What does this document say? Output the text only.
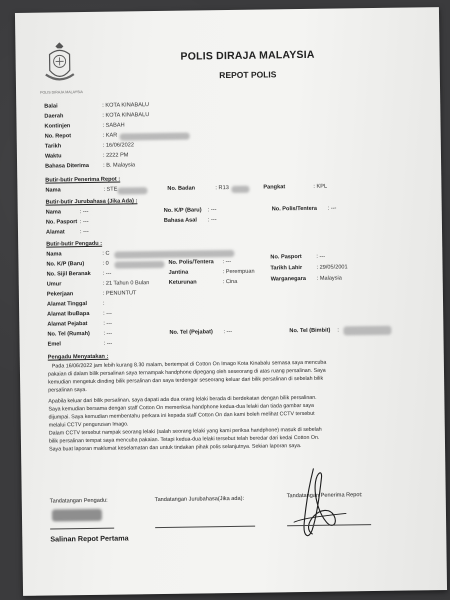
POLIS DIRAJA MALAYSIA
POLIS DIRAJA MALAYSIA
REPOT POLIS
Balai	: KOTA KINABALU
Daerah	: KOTA KINABALU
Kontinjen	: SABAH
No. Repot	: KAR
Tarikh	: 16/06/2022
Waktu	: 2222 PM
Bahasa Diterima	: B. Malaysia
Butir-butir Penerima Repot :
Nama	: STE	No. Badan	: R13	Pangkat	: KPL
Butir-butir Jurubahasa (Jika Ada) :
Nama	: ---	No. K/P (Baru) : ---	No. Polis/Tentera : ---
No. Pasport : ---	Bahasa Asal : ---
Alamat	: ---
Butir-butir Pengadu :
Nama	: C
No. K/P (Baru)	: 0	No. Polis/Tentera : ---
No. Pasport	: ---
No. Sijil Beranak : ---	Jantina	: Perempuan
Tarikh Lahir	: 29/05/2001
Umur	: 21 Tahun 0 Bulan	Keturunan	: Cina	Warganegara : Malaysia
Pekerjaan	: PENUNTUT
Alamat Tinggal	:
Alamat IbuBapa : ---
Alamat Pejabat	: ---
No. Tel (Rumah) : ---	No. Tel (Pejabat) : ---	No. Tel (Bimbit) :
Emel	: ---
Pengadu Menyatakan :
Pada 16/06/2022 jam lebih kurang 8.30 malam, bertempat di Cotton On Imago Kota Kinabalu semasa saya mencuba
pakaian di dalam bilik persalinan saya ternampak handphone dipegang oleh seseorang di atas ruang persalinan. Saya
kemudian mengetuk dinding bilik persalinan dan saya terdengar seseorang keluar dari bilik persalinan di sebelah bilik
persalinan saya.
Apabila keluar dari bilik persalinan, saya dapati ada dua orang lelaki berada di berdekatan dengan bilik persalinan.
Saya kemudian bersama dengan staff Cotton On memeriksa handphone kedua-dua lelaki dan tiada gambar saya
dijumpai. Saya kemudian membentahu perkara ini kepada staff Cotton On dan kami boleh melihat CCTV tersebut
melalui CCTV pengurusan Imago.
Dalam CCTV tersebut nampak seorang lelaki (salah seorang lelaki yang kami periksa handphone) masuk di sebelah
bilik persalinan tempat saya mencuba pakaian. Tetapi kedua-dua lelaki tersebut telah beredar dari kedai Cotton On.
Saya buat laporan maklumat keselamatan dan untuk tindakan pihak polis selanjutnya. Sekian laporan saya.
Tandatangan Pengadu:	Tandatangan Jurubahasa(Jika ada):
Tandatangan Penerima Repot:
Salinan Repot Pertama
